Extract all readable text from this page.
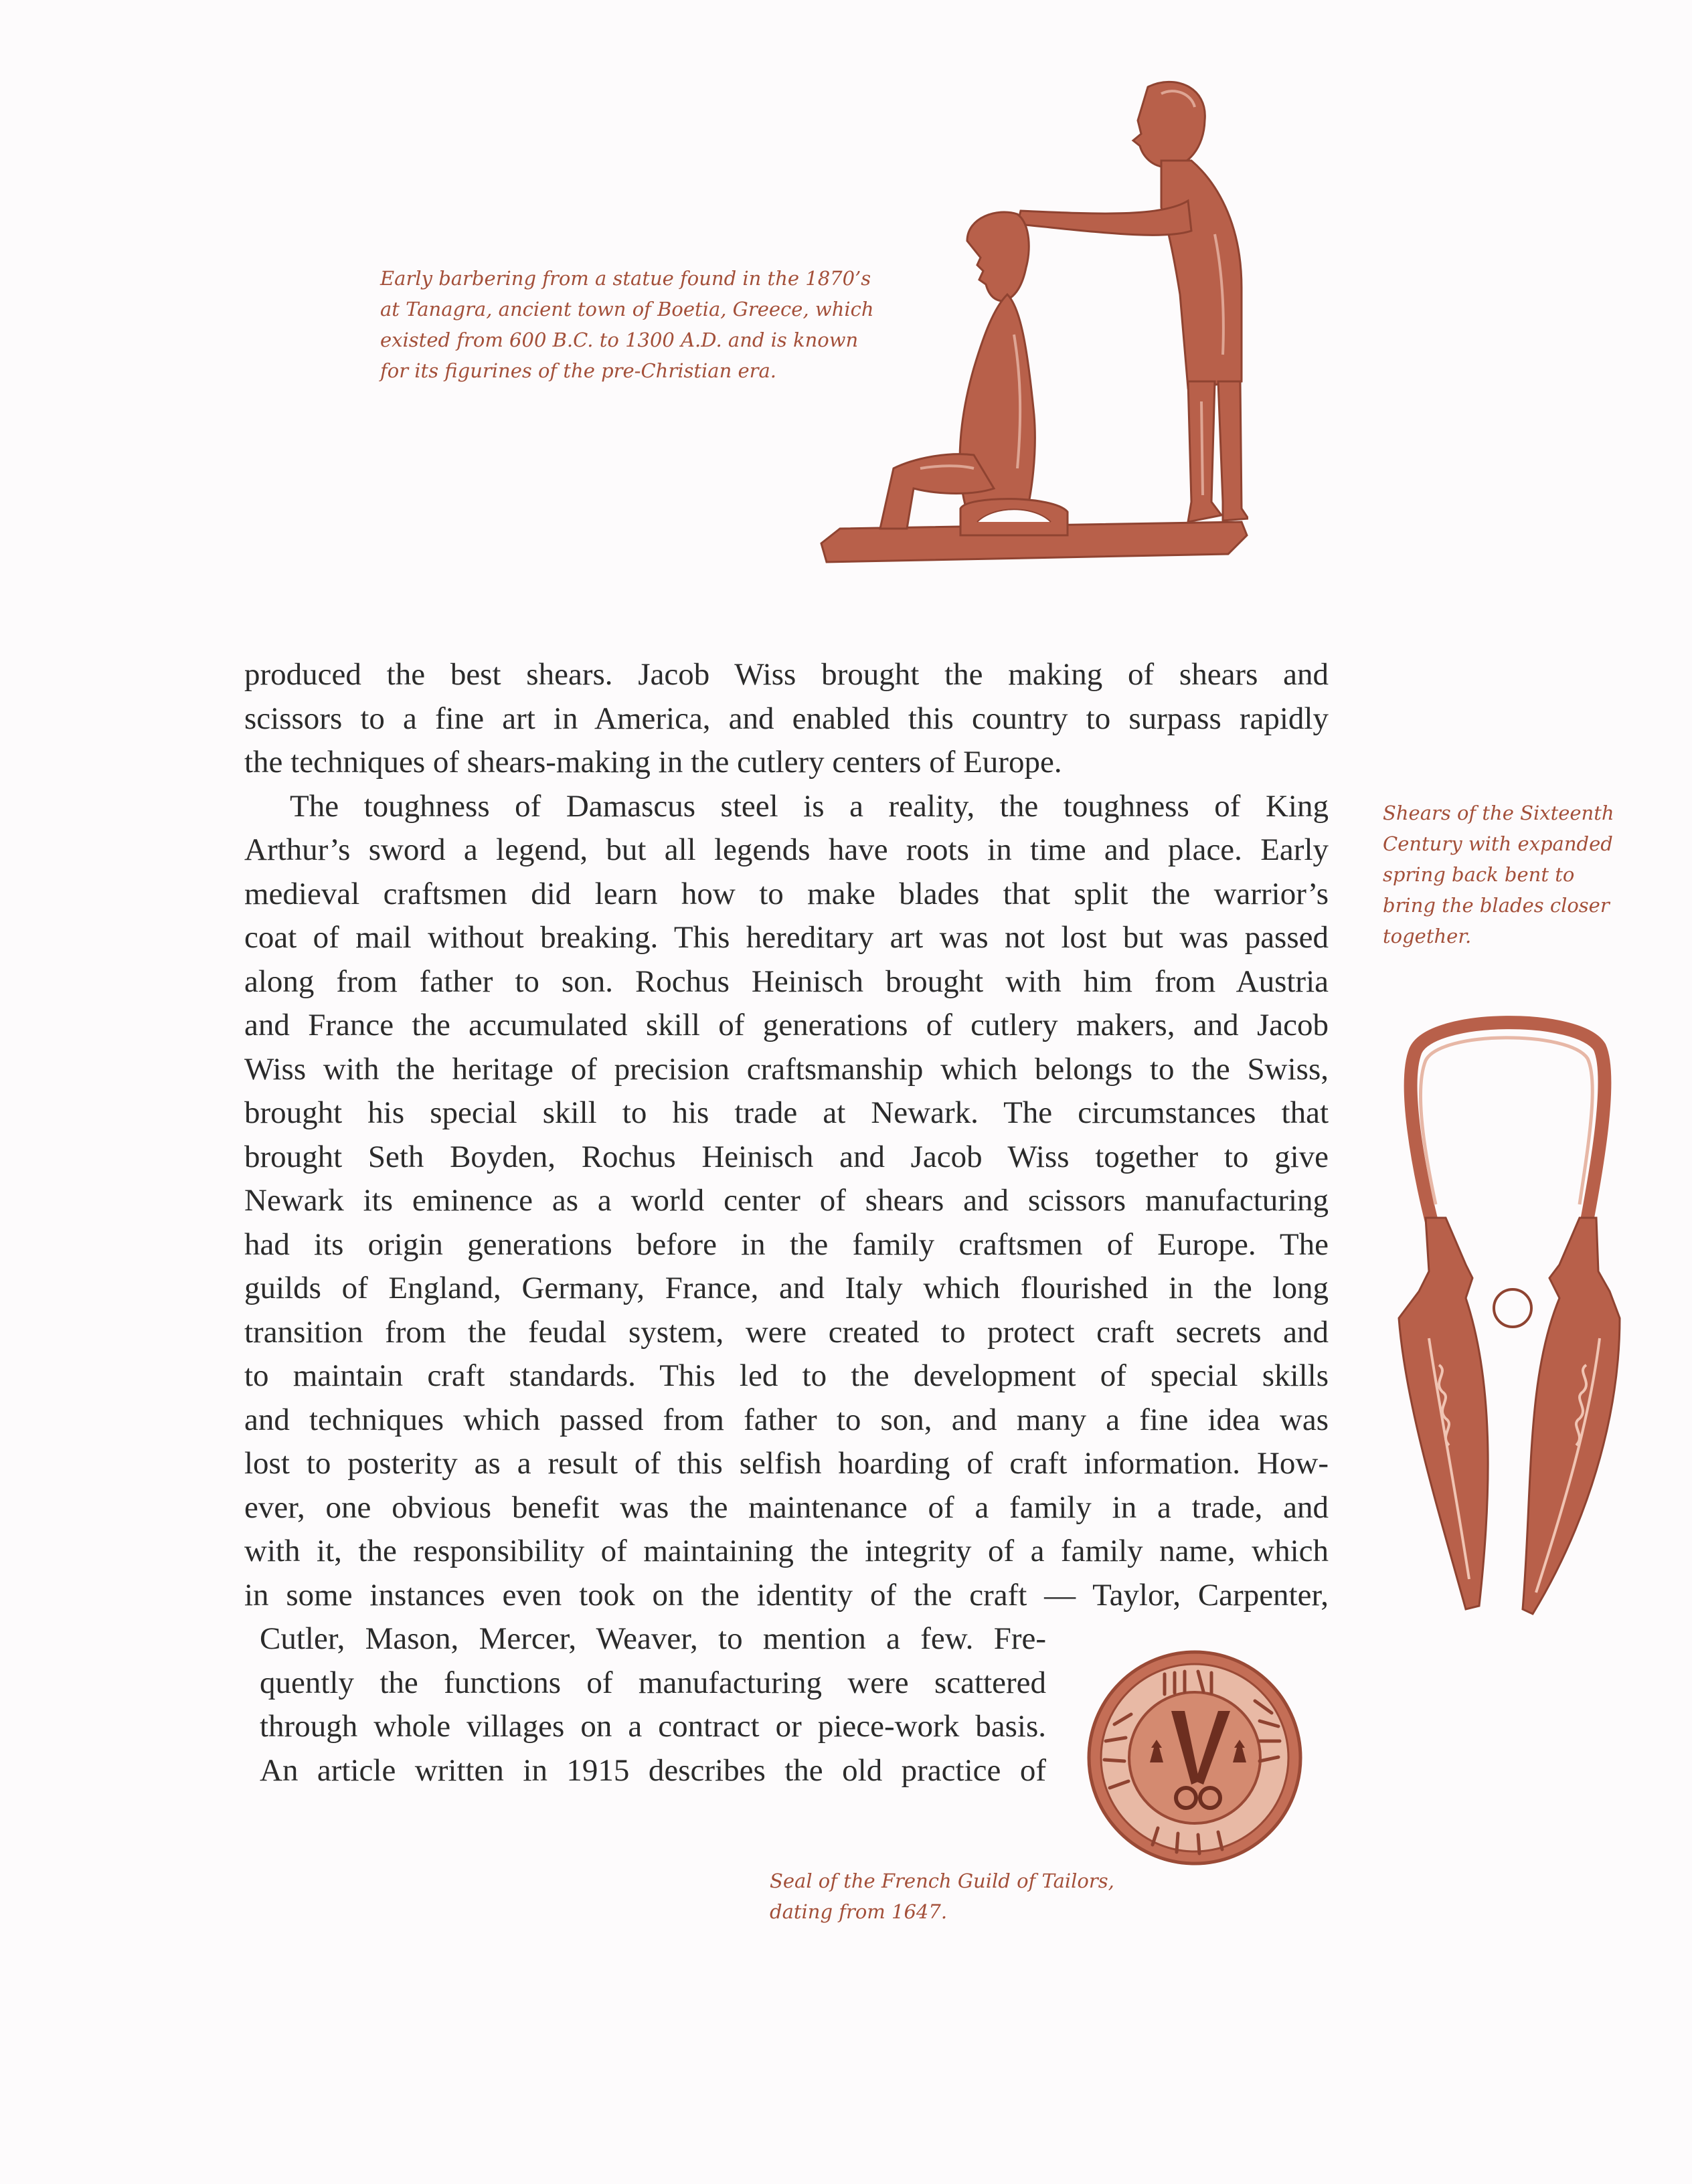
Early barbering from a statue found in the 1870’s
at Tanagra, ancient town of Boetia, Greece, which
existed from 600 B.C. to 1300 A.D. and is known
for its figurines of the pre-Christian era.
Shears of the Sixteenth
Century with expanded
spring back bent to
bring the blades closer
together.
produced the best shears. Jacob Wiss brought the making of shears and
scissors to a fine art in America, and enabled this country to surpass rapidly
the techniques of shears-making in the cutlery centers of Europe.
The toughness of Damascus steel is a reality, the toughness of King
Arthur’s sword a legend, but all legends have roots in time and place. Early
medieval craftsmen did learn how to make blades that split the warrior’s
coat of mail without breaking. This hereditary art was not lost but was passed
along from father to son. Rochus Heinisch brought with him from Austria
and France the accumulated skill of generations of cutlery makers, and Jacob
Wiss with the heritage of precision craftsmanship which belongs to the Swiss,
brought his special skill to his trade at Newark. The circumstances that
brought Seth Boyden, Rochus Heinisch and Jacob Wiss together to give
Newark its eminence as a world center of shears and scissors manufacturing
had its origin generations before in the family craftsmen of Europe. The
guilds of England, Germany, France, and Italy which flourished in the long
transition from the feudal system, were created to protect craft secrets and
to maintain craft standards. This led to the development of special skills
and techniques which passed from father to son, and many a fine idea was
lost to posterity as a result of this selfish hoarding of craft information. How-
ever, one obvious benefit was the maintenance of a family in a trade, and
with it, the responsibility of maintaining the integrity of a family name, which
in some instances even took on the identity of the craft — Taylor, Carpenter,
Cutler, Mason, Mercer, Weaver, to mention a few. Fre-
quently the functions of manufacturing were scattered
through whole villages on a contract or piece-work basis.
An article written in 1915 describes the old practice of
Seal of the French Guild of Tailors,
dating from 1647.
